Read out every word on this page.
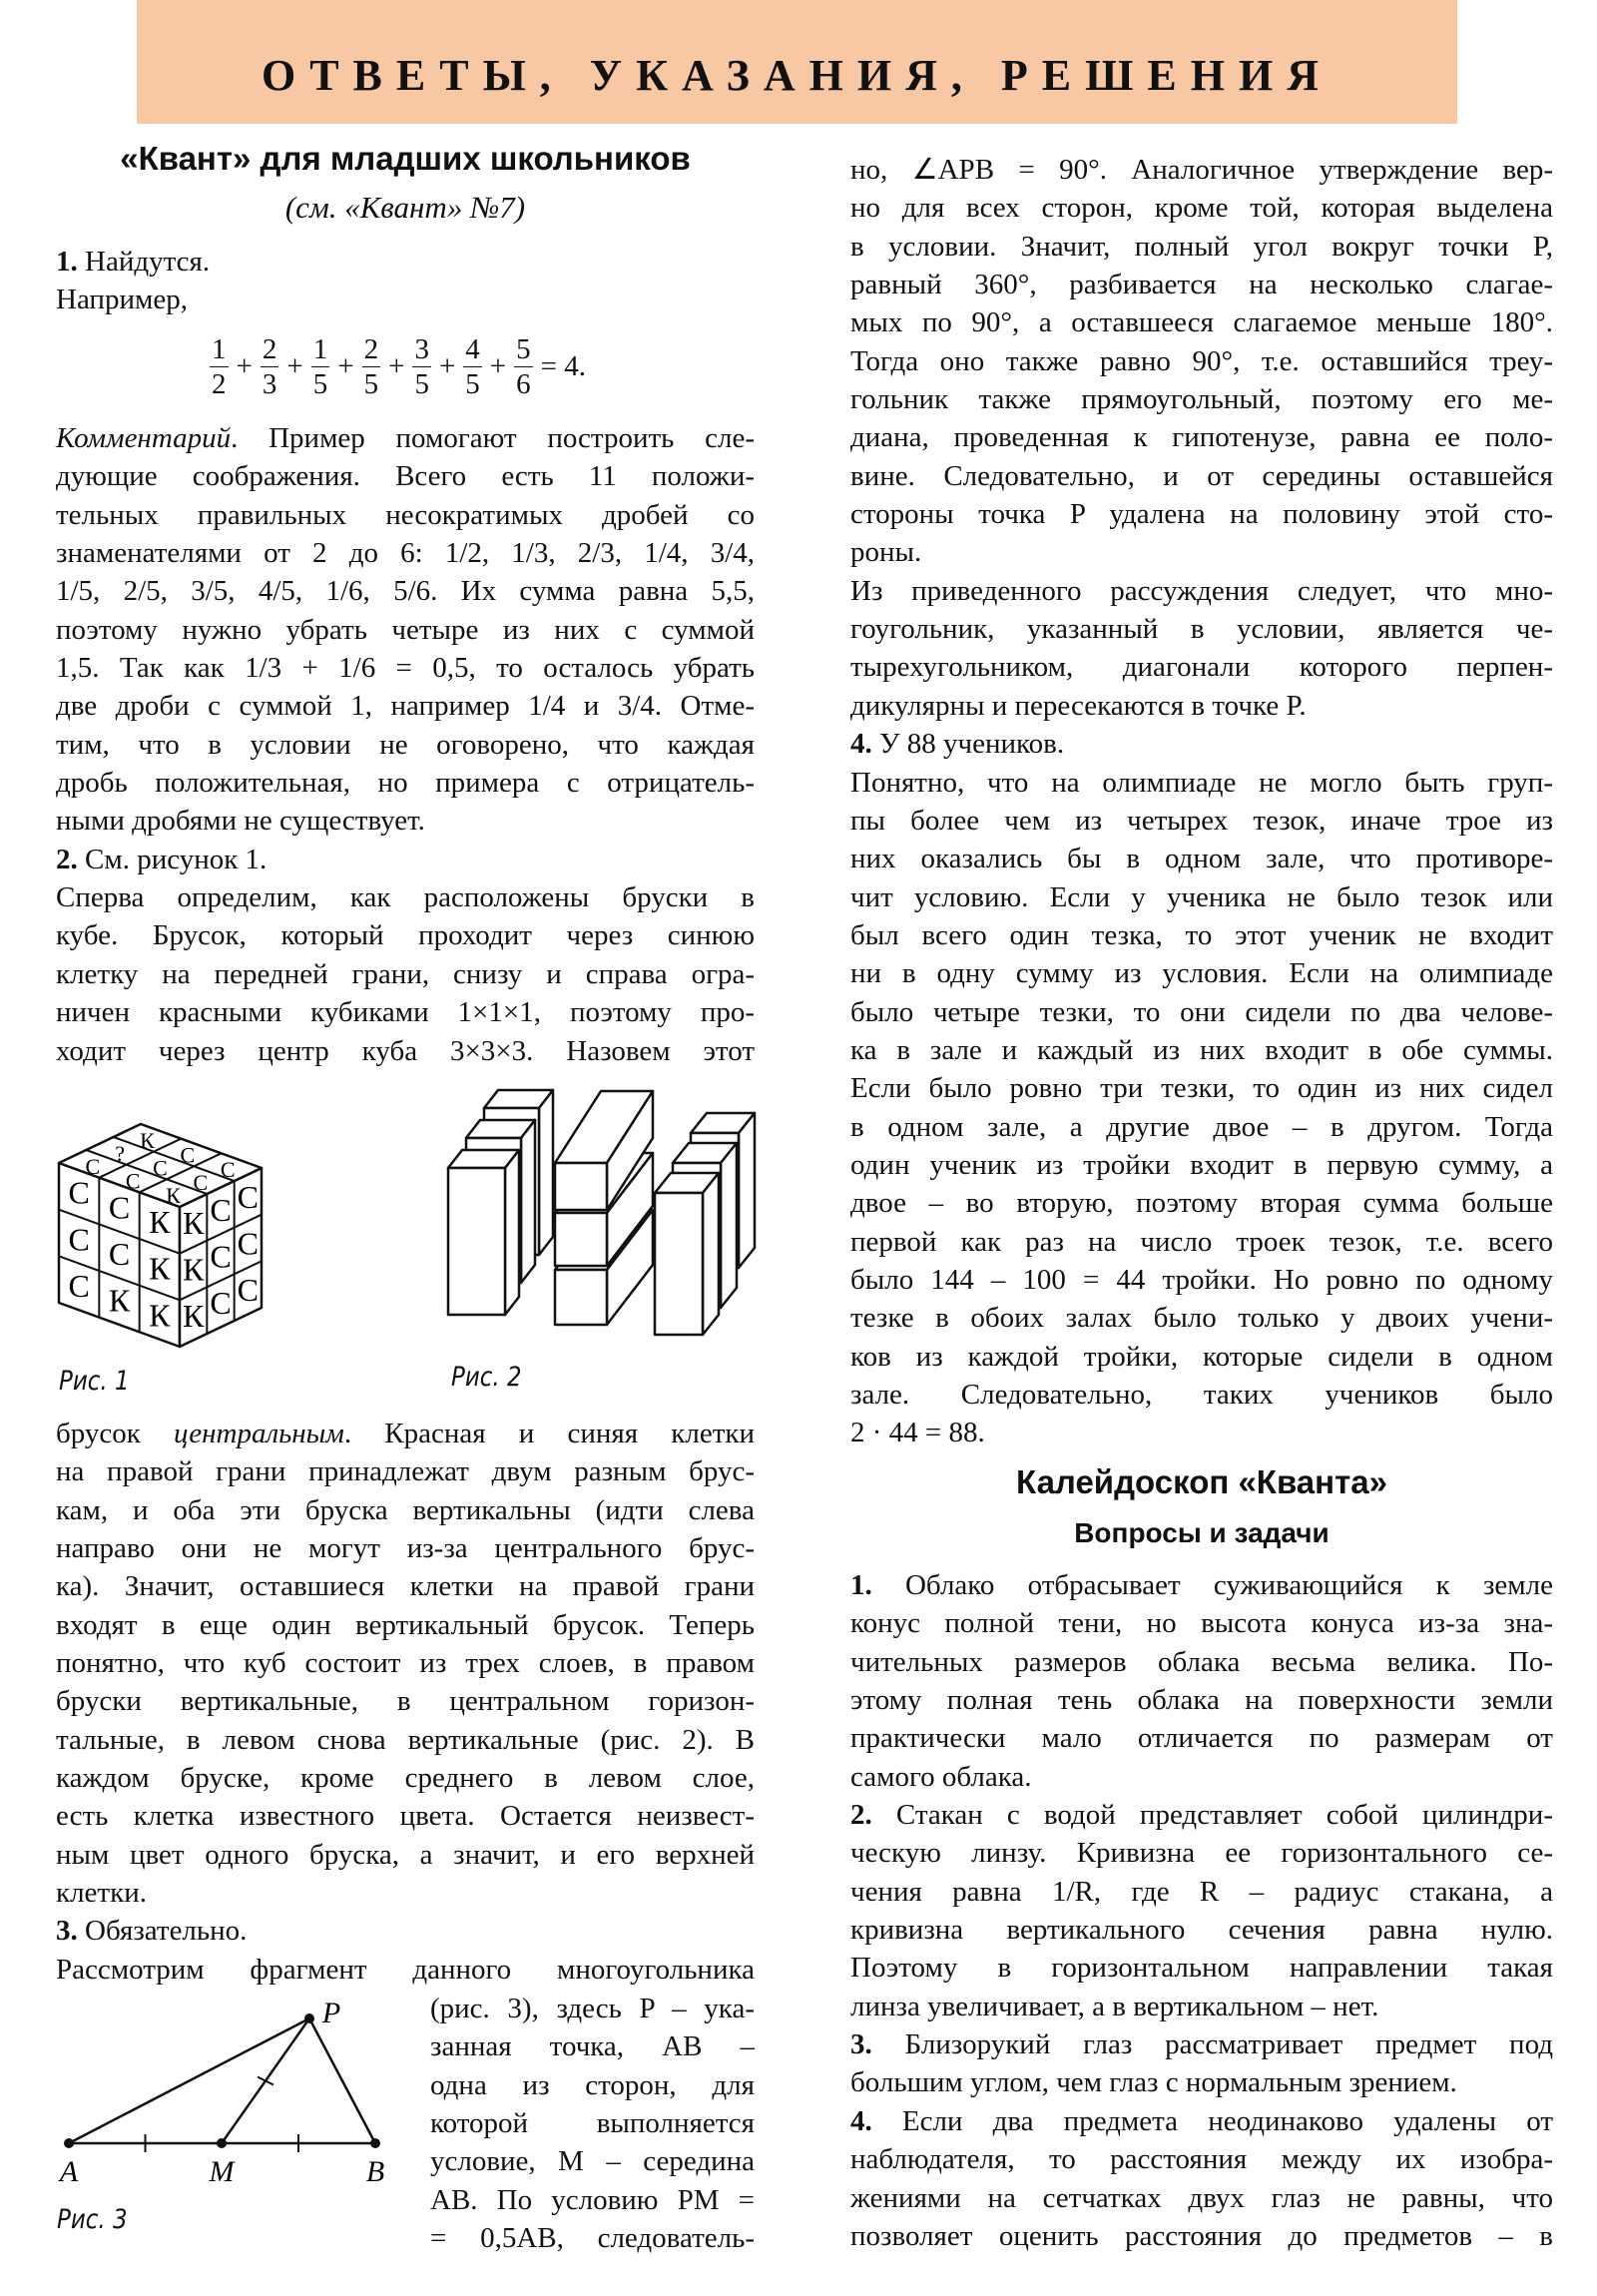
ОТВЕТЫ, УКАЗАНИЯ, РЕШЕНИЯ
«Квант» для младших школьников
(см. «Квант» №7)
1. Найдутся.
Например,
$\frac{1}{2} + \frac{2}{3} + \frac{1}{5} + \frac{2}{5} + \frac{3}{5} + \frac{4}{5} + \frac{5}{6} = 4$.
Комментарий. Пример помогают построить сле-
дующие соображения. Всего есть 11 положи-
тельных правильных несократимых дробей со
знаменателями от 2 до 6: 1/2, 1/3, 2/3, 1/4, 3/4,
1/5, 2/5, 3/5, 4/5, 1/6, 5/6. Их сумма равна 5,5,
поэтому нужно убрать четыре из них с суммой
1,5. Так как 1/3 + 1/6 = 0,5, то осталось убрать
две дроби с суммой 1, например 1/4 и 3/4. Отме-
тим, что в условии не оговорено, что каждая
дробь положительная, но примера с отрицатель-
ными дробями не существует.
2. См. рисунок 1.
Сперва определим, как расположены бруски в
кубе. Брусок, который проходит через синюю
клетку на передней грани, снизу и справа огра-
ничен красными кубиками 1×1×1, поэтому про-
ходит через центр куба 3×3×3. Назовем этот
С С К
С С К
С К К
К С С
К С С
К С С
К
С
С
?
С
С
С
С
К
A	M	B
P
Рис. 1	Рис. 2
Рис. 3
брусок центральным. Красная и синяя клетки
на правой грани принадлежат двум разным брус-
кам, и оба эти бруска вертикальны (идти слева
направо они не могут из-за центрального брус-
ка). Значит, оставшиеся клетки на правой грани
входят в еще один вертикальный брусок. Теперь
понятно, что куб состоит из трех слоев, в правом
бруски вертикальные, в центральном горизон-
тальные, в левом снова вертикальные (рис. 2). В
каждом бруске, кроме среднего в левом слое,
есть клетка известного цвета. Остается неизвест-
ным цвет одного бруска, а значит, и его верхней
клетки.
3. Обязательно.
Рассмотрим фрагмент данного многоугольника
(рис. 3), здесь P – ука-
занная точка, AB –
одна из сторон, для
которой выполняется
условие, M – середина
AB. По условию PM =
= 0,5AB, следователь-
но, ∠APB = 90°. Аналогичное утверждение вер-
но для всех сторон, кроме той, которая выделена
в условии. Значит, полный угол вокруг точки P,
равный 360°, разбивается на несколько слагае-
мых по 90°, а оставшееся слагаемое меньше 180°.
Тогда оно также равно 90°, т.е. оставшийся треу-
гольник также прямоугольный, поэтому его ме-
диана, проведенная к гипотенузе, равна ее поло-
вине. Следовательно, и от середины оставшейся
стороны точка P удалена на половину этой сто-
роны.
Из приведенного рассуждения следует, что мно-
гоугольник, указанный в условии, является че-
тырехугольником, диагонали которого перпен-
дикулярны и пересекаются в точке P.
4. У 88 учеников.
Понятно, что на олимпиаде не могло быть груп-
пы более чем из четырех тезок, иначе трое из
них оказались бы в одном зале, что противоре-
чит условию. Если у ученика не было тезок или
был всего один тезка, то этот ученик не входит
ни в одну сумму из условия. Если на олимпиаде
было четыре тезки, то они сидели по два челове-
ка в зале и каждый из них входит в обе суммы.
Если было ровно три тезки, то один из них сидел
в одном зале, а другие двое – в другом. Тогда
один ученик из тройки входит в первую сумму, а
двое – во вторую, поэтому вторая сумма больше
первой как раз на число троек тезок, т.е. всего
было 144 – 100 = 44 тройки. Но ровно по одному
тезке в обоих залах было только у двоих учени-
ков из каждой тройки, которые сидели в одном
зале. Следовательно, таких учеников было
2 · 44 = 88.
Калейдоскоп «Кванта»
Вопросы и задачи
1. Облако отбрасывает суживающийся к земле
конус полной тени, но высота конуса из-за зна-
чительных размеров облака весьма велика. По-
этому полная тень облака на поверхности земли
практически мало отличается по размерам от
самого облака.
2. Стакан с водой представляет собой цилиндри-
ческую линзу. Кривизна ее горизонтального се-
чения равна 1/R, где R – радиус стакана, а
кривизна вертикального сечения равна нулю.
Поэтому в горизонтальном направлении такая
линза увеличивает, а в вертикальном – нет.
3. Близорукий глаз рассматривает предмет под
большим углом, чем глаз с нормальным зрением.
4. Если два предмета неодинаково удалены от
наблюдателя, то расстояния между их изобра-
жениями на сетчатках двух глаз не равны, что
позволяет оценить расстояния до предметов – в
